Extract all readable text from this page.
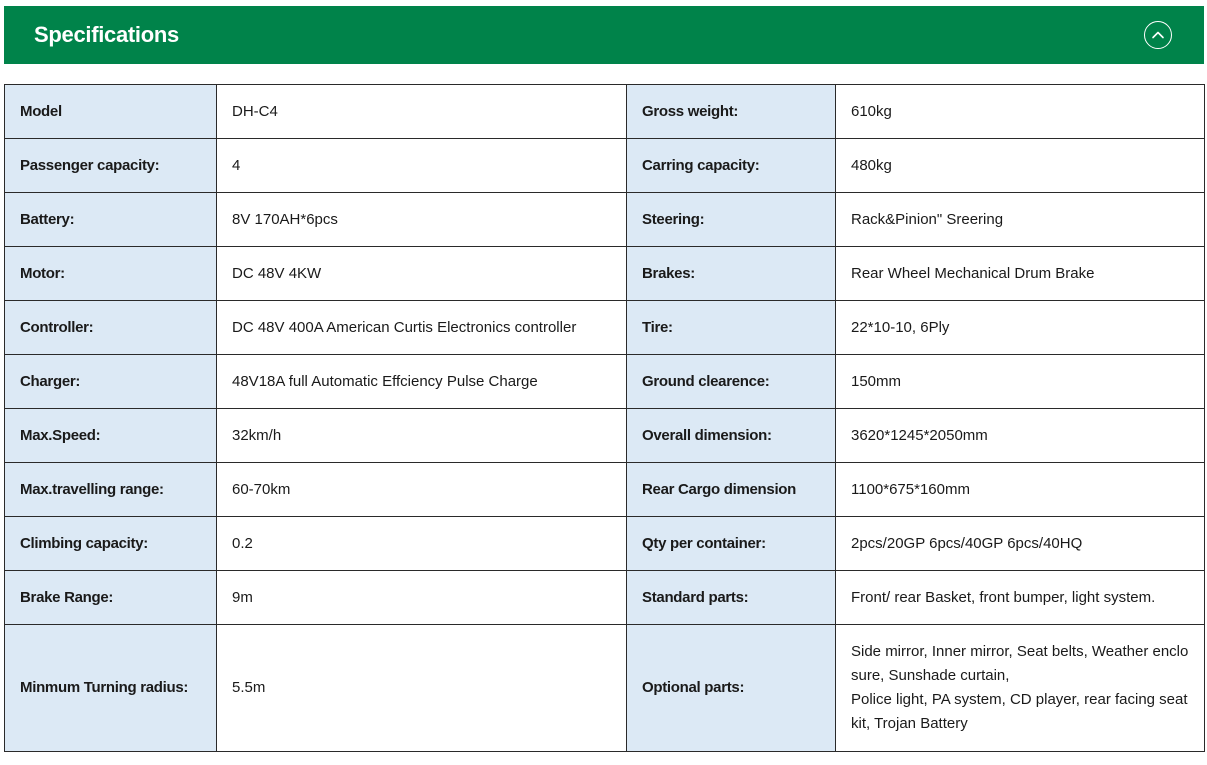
Specifications
Model	DH-C4	Gross weight:	610kg
Passenger capacity:	4	Carring capacity:	480kg
Battery:	8V 170AH*6pcs	Steering:	Rack&Pinion" Sreering
Motor:	DC 48V 4KW	Brakes:	Rear Wheel Mechanical Drum Brake
Controller:	DC 48V 400A American Curtis Electronics controller	Tire:	22*10-10, 6Ply
Charger:	48V18A full Automatic Effciency Pulse Charge	Ground clearence:	150mm
Max.Speed:	32km/h	Overall dimension:	3620*1245*2050mm
Max.travelling range:	60-70km	Rear Cargo dimension	1100*675*160mm
Climbing capacity:	0.2	Qty per container:	2pcs/20GP 6pcs/40GP 6pcs/40HQ
Brake Range:	9m	Standard parts:	Front/ rear Basket, front bumper, light system.
Minmum Turning radius:	5.5m	Optional parts:	Side mirror, Inner mirror, Seat belts, Weather enclosure, Sunshade curtain,
Police light, PA system, CD player, rear facing seat kit, Trojan Battery
